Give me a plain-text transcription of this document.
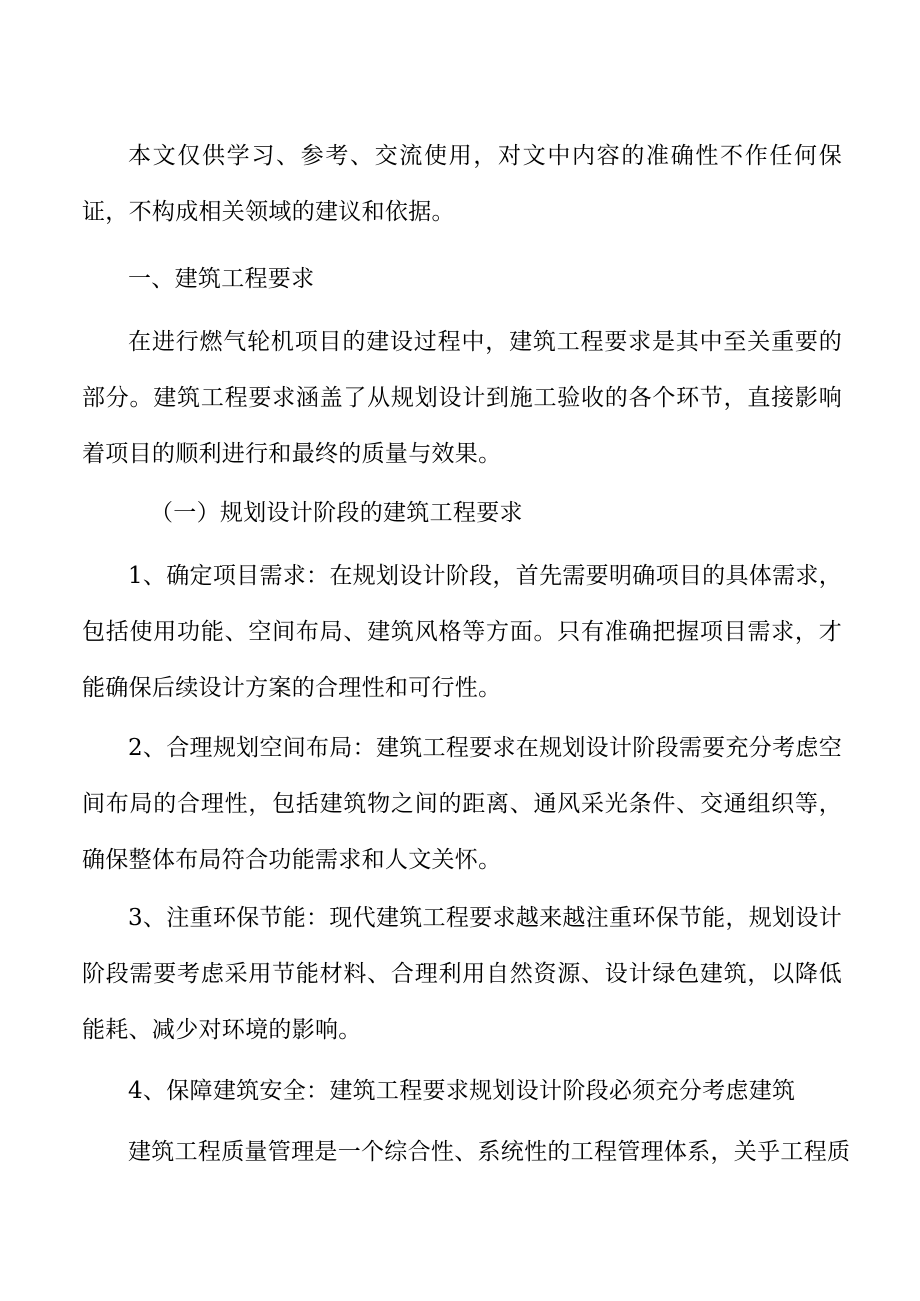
本文仅供学习、参考、交流使用，对文中内容的准确性不作任何保证，不构成相关领域的建议和依据。

一、建筑工程要求

在进行燃气轮机项目的建设过程中，建筑工程要求是其中至关重要的部分。建筑工程要求涵盖了从规划设计到施工验收的各个环节，直接影响着项目的顺利进行和最终的质量与效果。

（一）规划设计阶段的建筑工程要求

1、确定项目需求：在规划设计阶段，首先需要明确项目的具体需求，包括使用功能、空间布局、建筑风格等方面。只有准确把握项目需求，才能确保后续设计方案的合理性和可行性。

2、合理规划空间布局：建筑工程要求在规划设计阶段需要充分考虑空间布局的合理性，包括建筑物之间的距离、通风采光条件、交通组织等，确保整体布局符合功能需求和人文关怀。

3、注重环保节能：现代建筑工程要求越来越注重环保节能，规划设计阶段需要考虑采用节能材料、合理利用自然资源、设计绿色建筑，以降低能耗、减少对环境的影响。

4、保障建筑安全：建筑工程要求规划设计阶段必须充分考虑建筑

建筑工程质量管理是一个综合性、系统性的工程管理体系，关乎工程质
